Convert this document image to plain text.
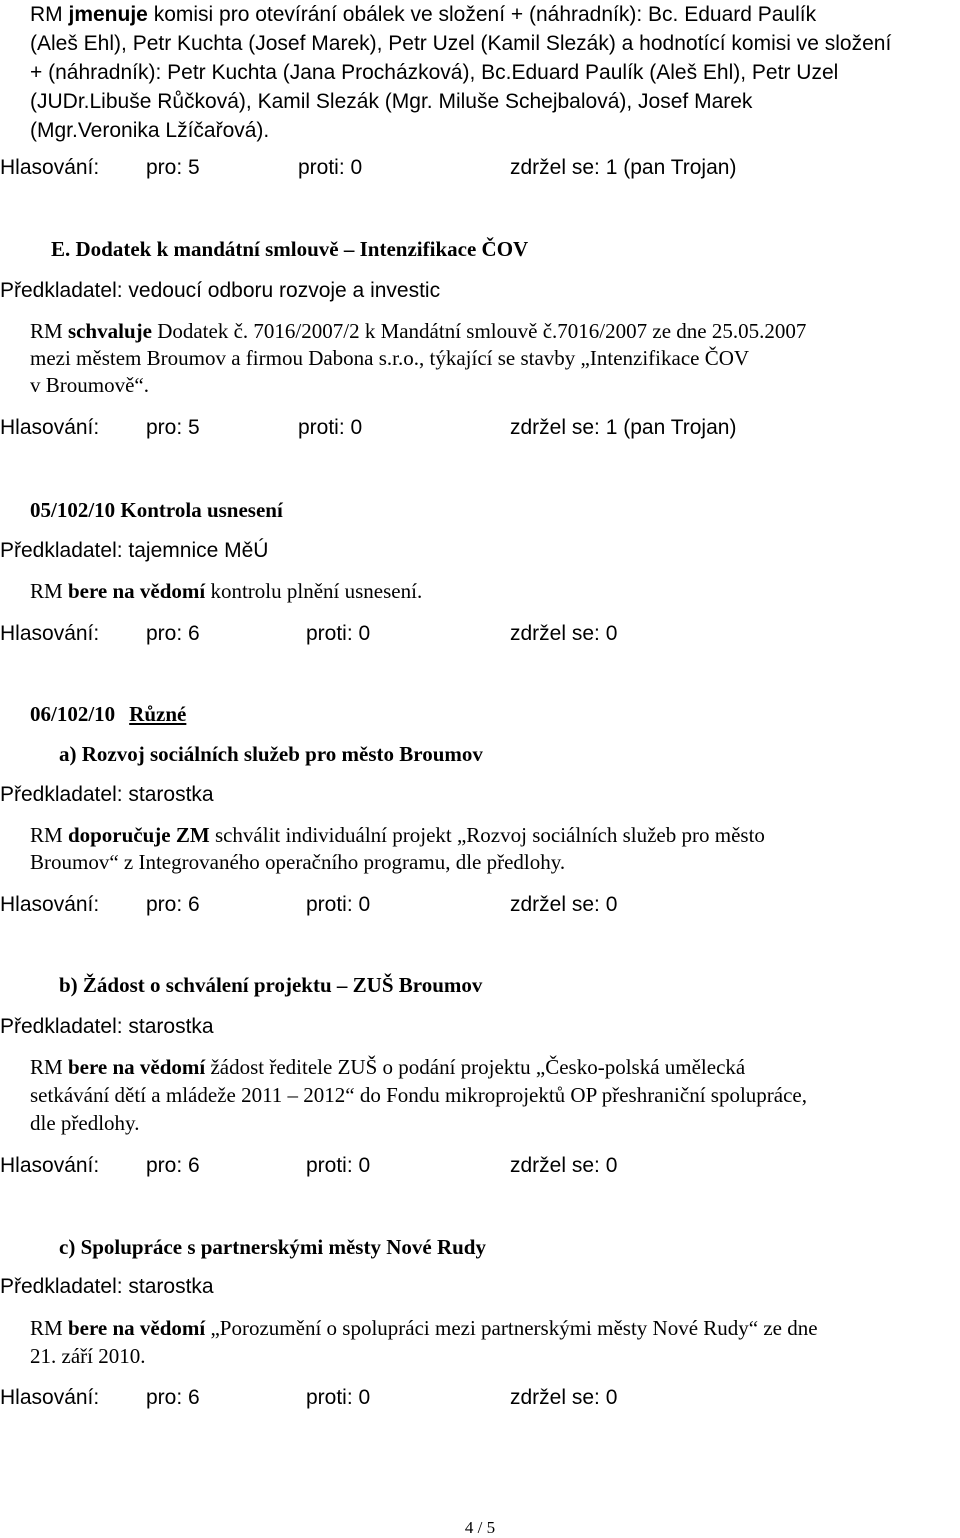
RM jmenuje komisi pro otevírání obálek ve složení + (náhradník): Bc. Eduard Paulík
(Aleš Ehl), Petr Kuchta (Josef Marek), Petr Uzel (Kamil Slezák) a hodnotící komisi ve složení
+ (náhradník): Petr Kuchta (Jana Procházková), Bc.Eduard Paulík (Aleš Ehl), Petr Uzel
(JUDr.Libuše Růčková), Kamil Slezák (Mgr. Miluše Schejbalová), Josef Marek
(Mgr.Veronika Lžíčařová).
Hlasování: pro: 5	proti: 0	zdržel se: 1 (pan Trojan)
E. Dodatek k mandátní smlouvě – Intenzifikace ČOV
Předkladatel: vedoucí odboru rozvoje a investic
RM schvaluje Dodatek č. 7016/2007/2 k Mandátní smlouvě č.7016/2007 ze dne 25.05.2007
mezi městem Broumov a firmou Dabona s.r.o., týkající se stavby „Intenzifikace ČOV
v Broumově“.
Hlasování: pro: 5	proti: 0	zdržel se: 1 (pan Trojan)
05/102/10 Kontrola usnesení
Předkladatel: tajemnice MěÚ
RM bere na vědomí kontrolu plnění usnesení.
Hlasování: pro: 6	proti: 0	zdržel se: 0
06/102/10 Různé
a) Rozvoj sociálních služeb pro město Broumov
Předkladatel: starostka
RM doporučuje ZM schválit individuální projekt „Rozvoj sociálních služeb pro město
Broumov“ z Integrovaného operačního programu, dle předlohy.
Hlasování: pro: 6	proti: 0	zdržel se: 0
b) Žádost o schválení projektu – ZUŠ Broumov
Předkladatel: starostka
RM bere na vědomí žádost ředitele ZUŠ o podání projektu „Česko-polská umělecká
setkávání dětí a mládeže 2011 – 2012“ do Fondu mikroprojektů OP přeshraniční spolupráce,
dle předlohy.
Hlasování: pro: 6	proti: 0	zdržel se: 0
c) Spolupráce s partnerskými městy Nové Rudy
Předkladatel: starostka
RM bere na vědomí „Porozumění o spolupráci mezi partnerskými městy Nové Rudy“ ze dne
21. září 2010.
Hlasování: pro: 6	proti: 0	zdržel se: 0
4 / 5
